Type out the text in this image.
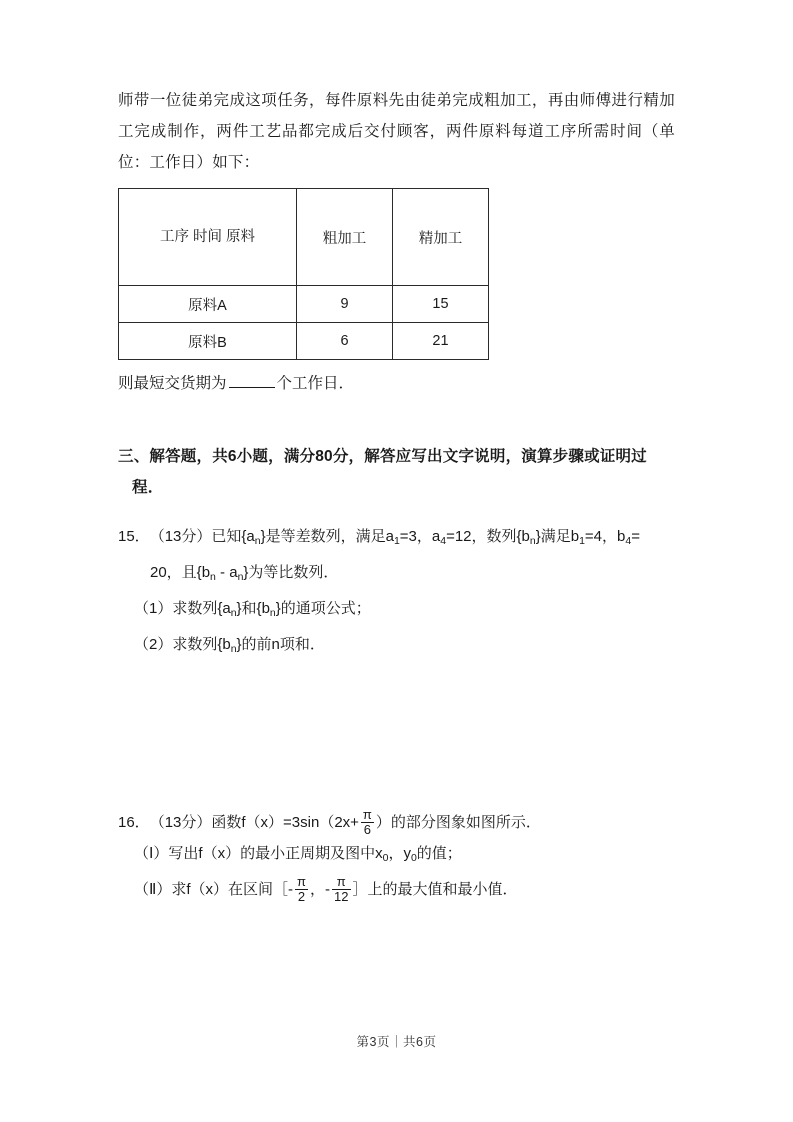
师带一位徒弟完成这项任务，每件原料先由徒弟完成粗加工，再由师傅进行精加工完成制作，两件工艺品都完成后交付顾客，两件原料每道工序所需时间（单位：工作日）如下：
工序 时间 原料	粗加工	精加工
原料A	9	15
原料B	6	21
则最短交货期为	个工作日．
三、解答题，共6小题，满分80分，解答应写出文字说明，演算步骤或证明过
程．
15．（13分）已知$\{a_n\}$是等差数列，满足$a_1=3$，$a_4=12$，数列$\{b_n\}$满足$b_1=4$，$b_4=$
20，且$\{b_n - a_n\}$为等比数列．
（1）求数列$\{a_n\}$和$\{b_n\}$的通项公式；
（2）求数列$\{b_n\}$的前n项和．
16．（13分）函数$f(x)=3\sin(2x+ \frac{\pi}{6}$ ）的部分图象如图所示．
（Ⅰ）写出f（x）的最小正周期及图中$x_0$，$y_0$的值；
（Ⅱ）求f（x）在区间［- $\frac{\pi}{2}$ ，- $\frac{\pi}{12}$ ］上的最大值和最小值．
第3页｜共6页
